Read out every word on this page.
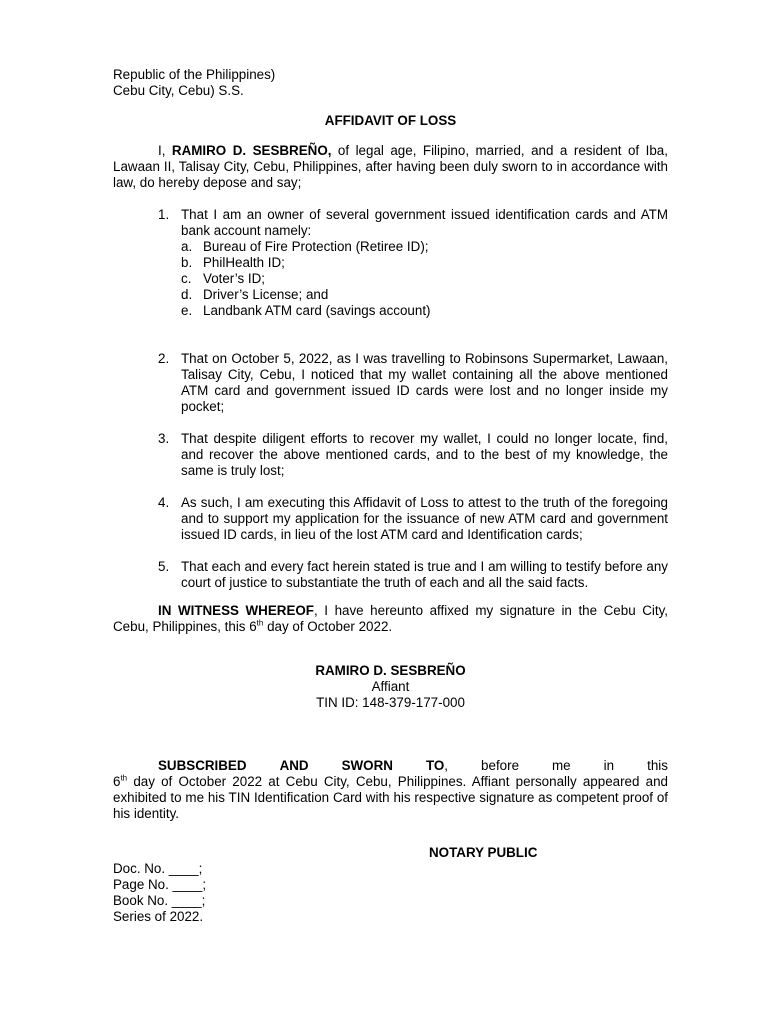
Republic of the Philippines)
Cebu City, Cebu) S.S.
AFFIDAVIT OF LOSS
I, RAMIRO D. SESBREÑO, of legal age, Filipino, married, and a resident of Iba, Lawaan II, Talisay City, Cebu, Philippines, after having been duly sworn to in accordance with law, do hereby depose and say;
1. That I am an owner of several government issued identification cards and ATM bank account namely:
a. Bureau of Fire Protection (Retiree ID);
b. PhilHealth ID;
c. Voter’s ID;
d. Driver’s License; and
e. Landbank ATM card (savings account)
2. That on October 5, 2022, as I was travelling to Robinsons Supermarket, Lawaan, Talisay City, Cebu, I noticed that my wallet containing all the above mentioned ATM card and government issued ID cards were lost and no longer inside my pocket;
3. That despite diligent efforts to recover my wallet, I could no longer locate, find, and recover the above mentioned cards, and to the best of my knowledge, the same is truly lost;
4. As such, I am executing this Affidavit of Loss to attest to the truth of the foregoing and to support my application for the issuance of new ATM card and government issued ID cards, in lieu of the lost ATM card and Identification cards;
5. That each and every fact herein stated is true and I am willing to testify before any court of justice to substantiate the truth of each and all the said facts.
IN WITNESS WHEREOF, I have hereunto affixed my signature in the Cebu City, Cebu, Philippines, this 6th day of October 2022.
RAMIRO D. SESBREÑO
Affiant
TIN ID: 148-379-177-000
SUBSCRIBED AND SWORN TO, before me in this
6th day of October 2022 at Cebu City, Cebu, Philippines. Affiant personally appeared and exhibited to me his TIN Identification Card with his respective signature as competent proof of his identity.
NOTARY PUBLIC
Doc. No. ____;
Page No. ____;
Book No. ____;
Series of 2022.
